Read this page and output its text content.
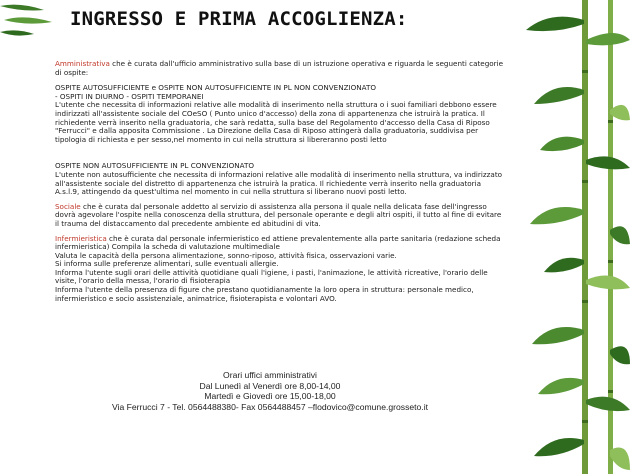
INGRESSO E PRIMA ACCOGLIENZA:

Amministrativa che è curata dall'ufficio amministrativo sulla base di un istruzione operativa e riguarda le seguenti categorie di ospite:

OSPITE AUTOSUFFICIENTE e OSPITE NON AUTOSUFFICIENTE IN PL NON CONVENZIONATO

- OSPITI IN DIURNO - OSPITI TEMPORANEI

L'utente che necessita di informazioni relative alle modalità di inserimento nella struttura o i suoi familiari debbono essere indirizzati all'assistente sociale del COeSO ( Punto unico d'accesso) della zona di appartenenza che istruirà la pratica. Il richiedente verrà inserito nella graduatoria, che sarà redatta, sulla base del Regolamento d'accesso della Casa di Riposo "Ferrucci" e dalla apposita Commissione . La Direzione della Casa di Riposo attingerà dalla graduatoria, suddivisa per tipologia di richiesta e per sesso,nel momento in cui nella struttura si libereranno posti letto

OSPITE NON AUTOSUFFICIENTE IN PL CONVENZIONATO

L'utente non autosufficiente che necessita di informazioni relative alle modalità di inserimento nella struttura, va indirizzato all'assistente sociale del distretto di appartenenza che istruirà la pratica. Il richiedente verrà inserito nella graduatoria A.s.l.9, attingendo da quest'ultima nel momento in cui nella struttura si liberano nuovi posti letto.

Sociale che è curata dal personale addetto al servizio di assistenza alla persona il quale nella delicata fase dell'ingresso dovrà agevolare l'ospite nella conoscenza della struttura, del personale operante e degli altri ospiti, il tutto al fine di evitare il trauma del distaccamento dal precedente ambiente ed abitudini di vita.

Infermieristica che è curata dal personale infermieristico ed attiene prevalentemente alla parte sanitaria (redazione scheda infermieristica) Compila la scheda di valutazione multimediale

Valuta le capacità della persona alimentazione, sonno-riposo, attività fisica, osservazioni varie.

Si informa sulle preferenze alimentari, sulle eventuali allergie.

Informa l'utente sugli orari delle attività quotidiane quali l'igiene, i pasti, l'animazione, le attività ricreative, l'orario delle visite, l'orario della messa, l'orario di fisioterapia

Informa l'utente della presenza di figure che prestano quotidianamente la loro opera in struttura: personale medico, infermieristico e socio assistenziale, animatrice, fisioterapista e volontari AVO.

Orari uffici amministrativi
Dal Lunedì al Venerdì ore 8,00-14,00
Martedì e Giovedì ore 15,00-18,00
Via Ferrucci 7 - Tel. 0564488380- Fax 0564488457 –flodovico@comune.grosseto.it
